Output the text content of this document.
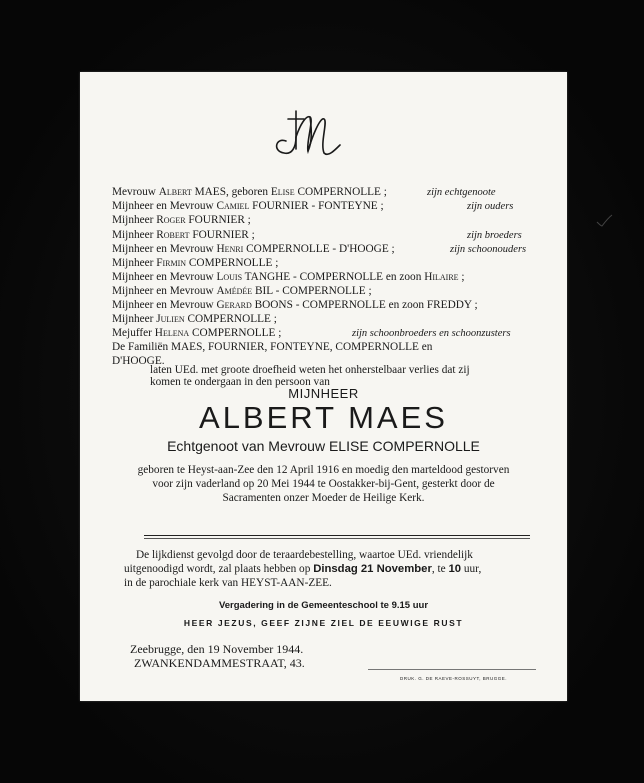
Mevrouw Albert MAES, geboren Elise COMPERNOLLE ;	zijn echtgenoote
Mijnheer en Mevrouw Camiel FOURNIER - FONTEYNE ;	zijn ouders
Mijnheer Roger FOURNIER ;
Mijnheer Robert FOURNIER ;	zijn broeders
Mijnheer en Mevrouw Henri COMPERNOLLE - D'HOOGE ;	zijn schoonouders
Mijnheer Firmin COMPERNOLLE ;
Mijnheer en Mevrouw Louis TANGHE - COMPERNOLLE en zoon Hilaire ;
Mijnheer en Mevrouw Amédée BIL - COMPERNOLLE ;
Mijnheer en Mevrouw Gerard BOONS - COMPERNOLLE en zoon FREDDY ;
Mijnheer Julien COMPERNOLLE ;
Mejuffer Helena COMPERNOLLE ;	zijn schoonbroeders en schoonzusters
De Familiën MAES, FOURNIER, FONTEYNE, COMPERNOLLE en
D'HOOGE.
laten UEd. met groote droefheid weten het onherstelbaar verlies dat zij
komen te ondergaan in den persoon van
MIJNHEER
ALBERT MAES
Echtgenoot van Mevrouw ELISE COMPERNOLLE
geboren te Heyst-aan-Zee den 12 April 1916 en moedig den marteldood gestorven
voor zijn vaderland op 20 Mei 1944 te Oostakker-bij-Gent, gesterkt door de
Sacramenten onzer Moeder de Heilige Kerk.
De lijkdienst gevolgd door de teraardebestelling, waartoe UEd. vriendelijk
uitgenoodigd wordt, zal plaats hebben op Dinsdag 21 November, te 10 uur,
in de parochiale kerk van HEYST-AAN-ZEE.
Vergadering in de Gemeenteschool te 9.15 uur
HEER JEZUS, GEEF ZIJNE ZIEL DE EEUWIGE RUST
Zeebrugge, den 19 November 1944.
ZWANKENDAMMESTRAAT, 43.
DRUK. G. DE RAEVE-ROSSUYT, BRUGGE.
